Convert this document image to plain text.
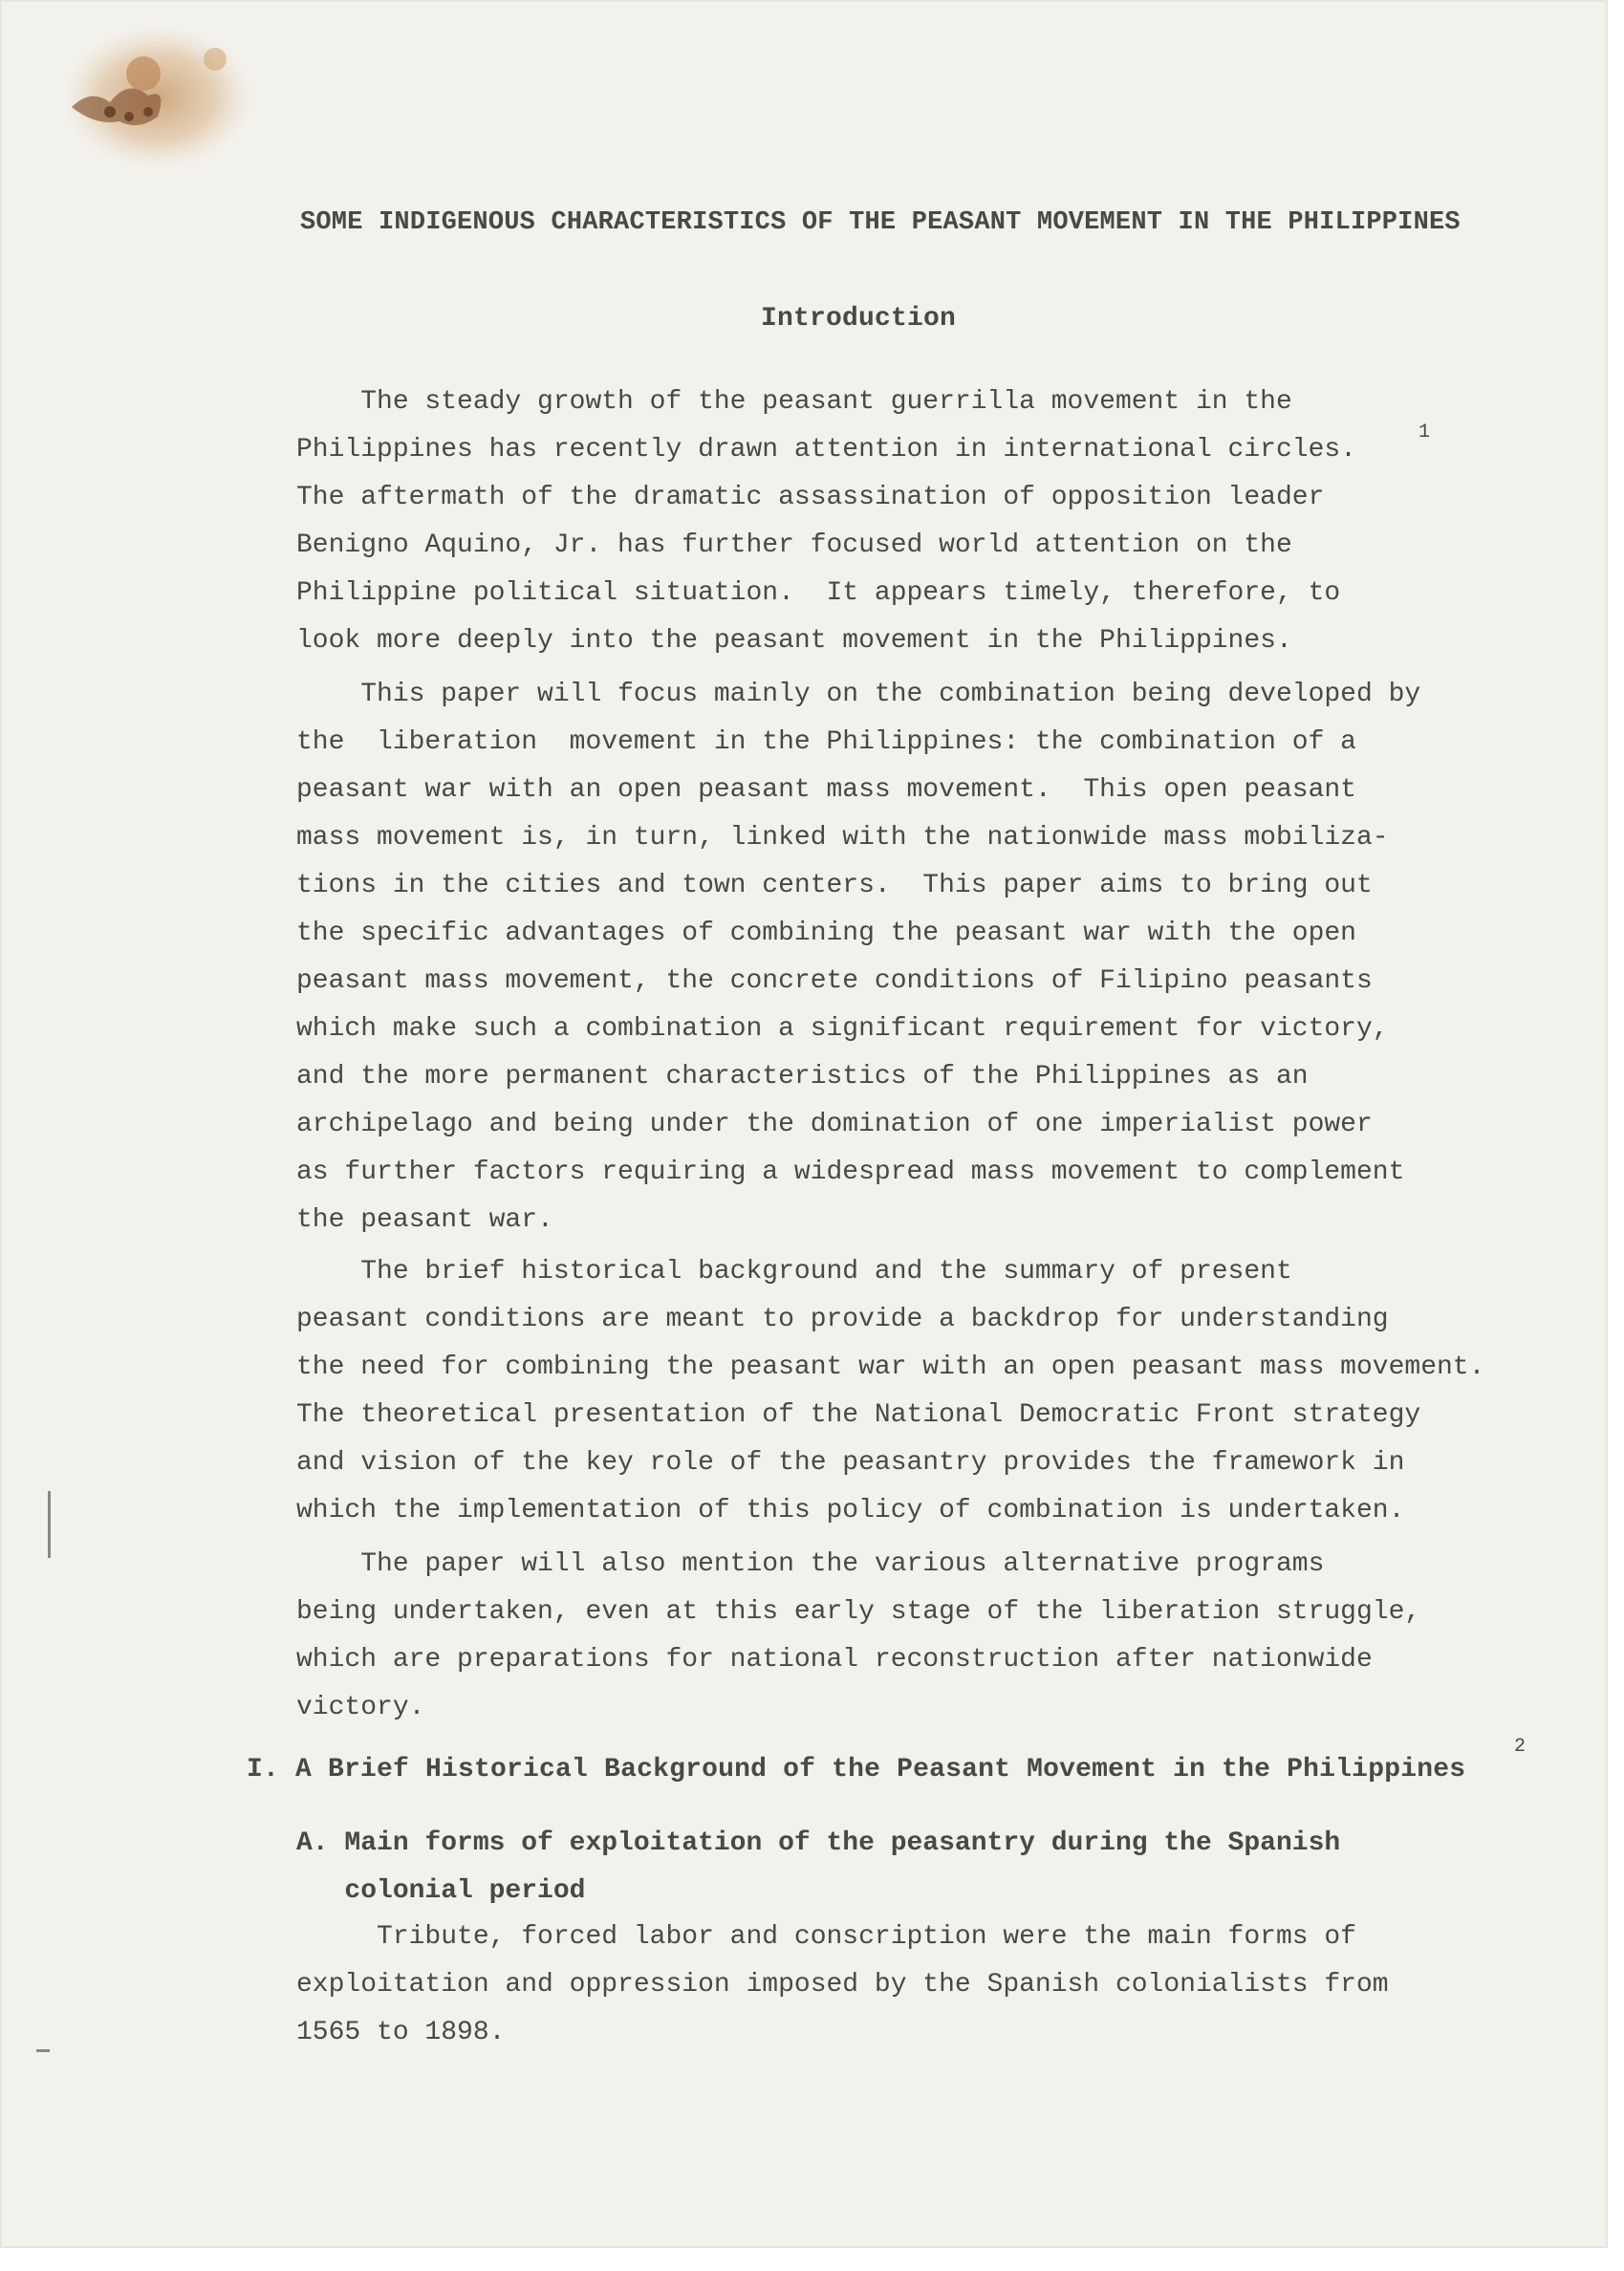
SOME INDIGENOUS CHARACTERISTICS OF THE PEASANT MOVEMENT IN THE PHILIPPINES
Introduction

The steady growth of the peasant guerrilla movement in the
Philippines has recently drawn attention in international circles.
The aftermath of the dramatic assassination of opposition leader
Benigno Aquino, Jr. has further focused world attention on the
Philippine political situation.  It appears timely, therefore, to
look more deeply into the peasant movement in the Philippines.

1

This paper will focus mainly on the combination being developed by
the  liberation  movement in the Philippines: the combination of a
peasant war with an open peasant mass movement.  This open peasant
mass movement is, in turn, linked with the nationwide mass mobiliza-
tions in the cities and town centers.  This paper aims to bring out
the specific advantages of combining the peasant war with the open
peasant mass movement, the concrete conditions of Filipino peasants
which make such a combination a significant requirement for victory,
and the more permanent characteristics of the Philippines as an
archipelago and being under the domination of one imperialist power
as further factors requiring a widespread mass movement to complement
the peasant war.

The brief historical background and the summary of present
peasant conditions are meant to provide a backdrop for understanding
the need for combining the peasant war with an open peasant mass movement.
The theoretical presentation of the National Democratic Front strategy
and vision of the key role of the peasantry provides the framework in
which the implementation of this policy of combination is undertaken.

The paper will also mention the various alternative programs
being undertaken, even at this early stage of the liberation struggle,
which are preparations for national reconstruction after nationwide
victory.

I. A Brief Historical Background of the Peasant Movement in the Philippines
2
A. Main forms of exploitation of the peasantry during the Spanish
colonial period

Tribute, forced labor and conscription were the main forms of
exploitation and oppression imposed by the Spanish colonialists from
1565 to 1898.
